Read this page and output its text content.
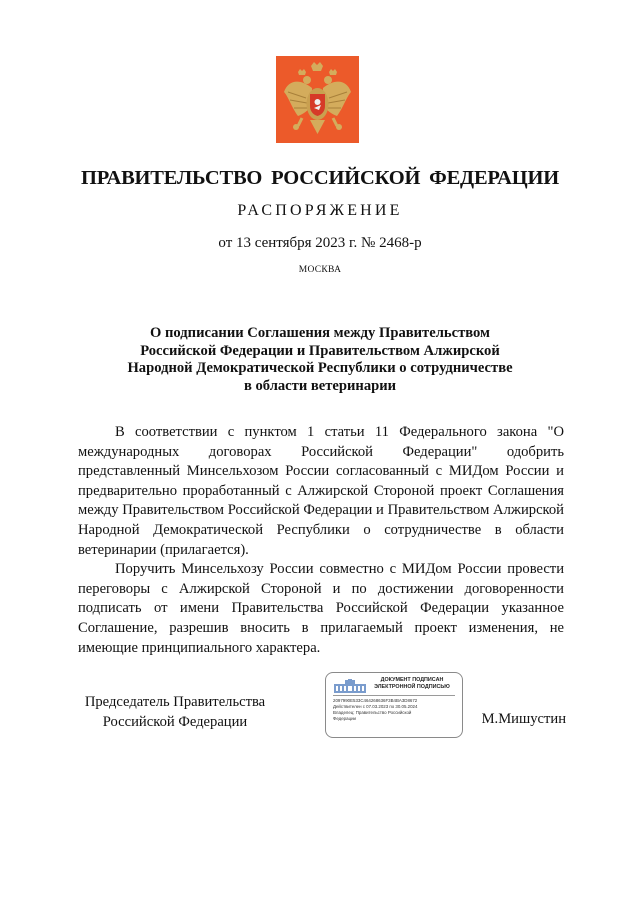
ПРАВИТЕЛЬСТВО РОССИЙСКОЙ ФЕДЕРАЦИИ
РАСПОРЯЖЕНИЕ
от 13 сентября 2023 г. № 2468-р
МОСКВА
О подписании Соглашения между Правительством
Российской Федерации и Правительством Алжирской
Народной Демократической Республики о сотрудничестве
в области ветеринарии

В соответствии с пунктом 1 статьи 11 Федерального закона "О международных договорах Российской Федерации" одобрить представленный Минсельхозом России согласованный с МИДом России и предварительно проработанный с Алжирской Стороной проект Соглашения между Правительством Российской Федерации и Правительством Алжирской Народной Демократической Республики о сотрудничестве в области ветеринарии (прилагается).

Поручить Минсельхозу России совместно с МИДом России провести переговоры с Алжирской Стороной и по достижении договоренности подписать от имени Правительства Российской Федерации указанное Соглашение, разрешив вносить в прилагаемый проект изменения, не имеющие принципиального характера.

Председатель Правительства
Российской Федерации
ДОКУМЕНТ ПОДПИСАН
ЭЛЕКТРОННОЙ ПОДПИСЬЮ
2097990E533C464268636F3B4BA3D8672
Действителен с 07.03.2023 по 30.05.2024
Владелец: Правительство Российской
Федерации	М.Мишустин
